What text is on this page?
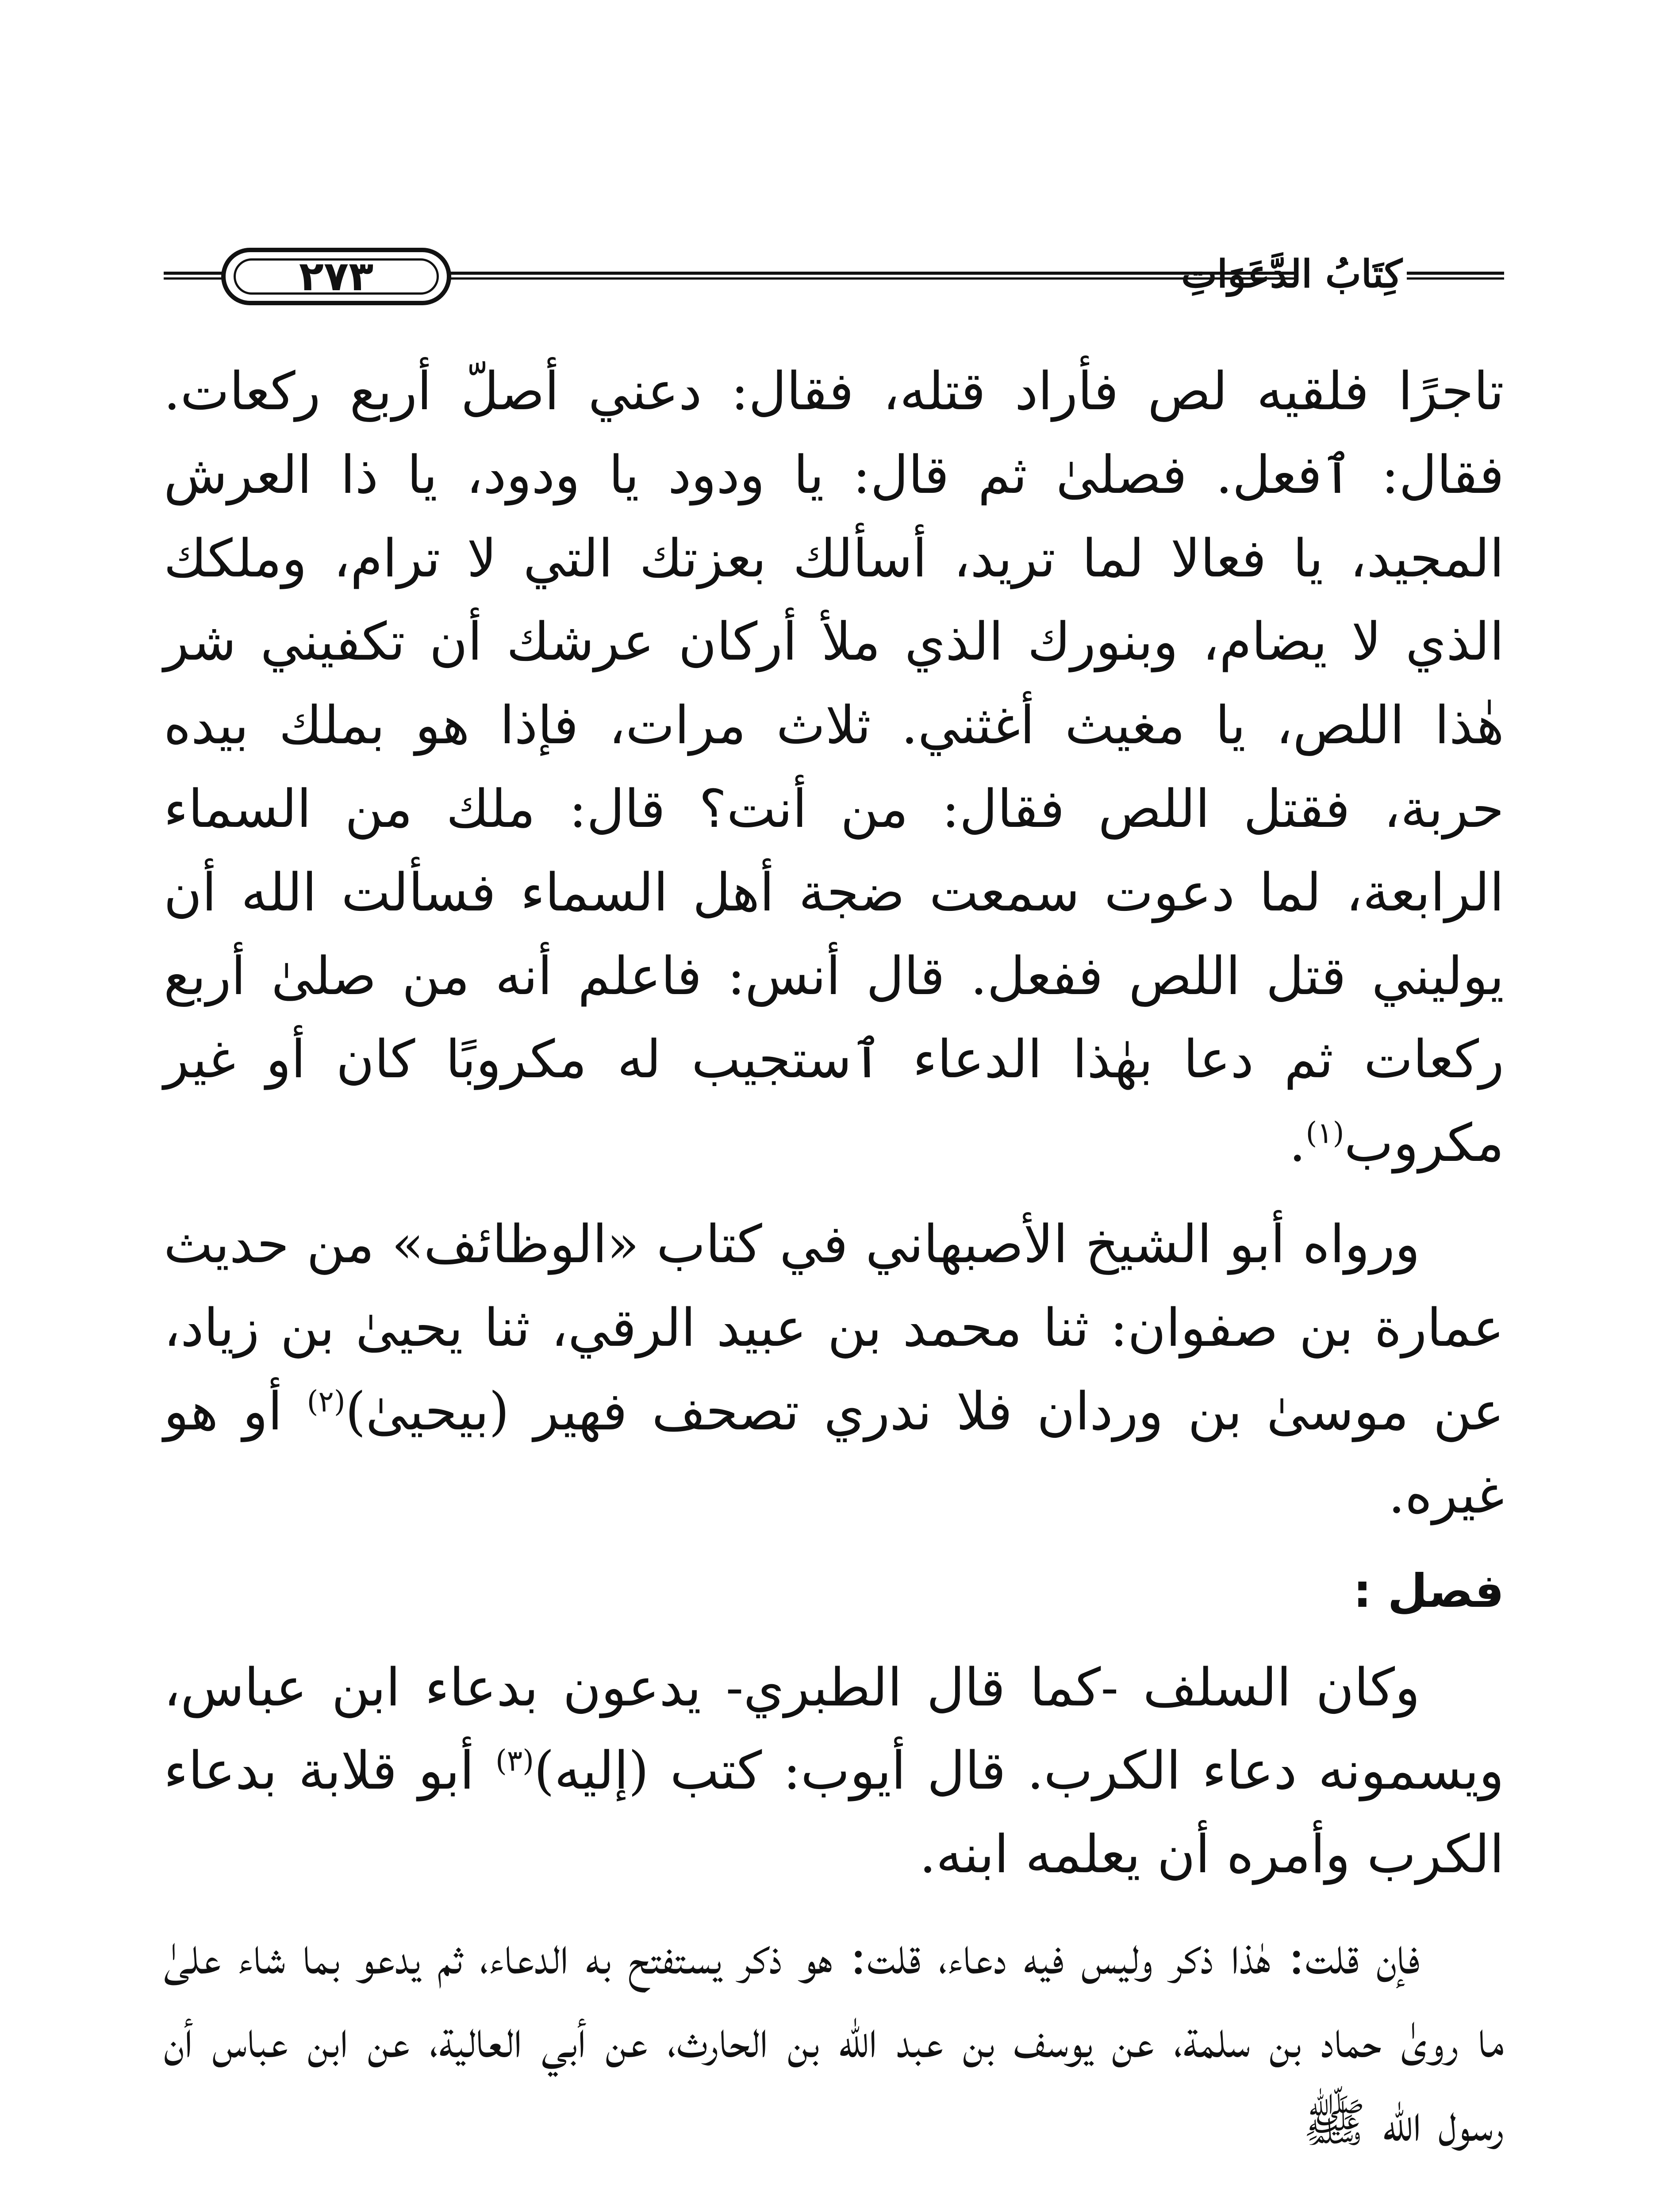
٢٧٣	كِتَابُ الدَّعَوَاتِ

تاجرًا فلقيه لص فأراد قتله، فقال: دعني أصلّ أربع ركعات. فقال: ٱفعل. فصلىٰ ثم قال: يا ودود يا ودود، يا ذا العرش المجيد، يا فعالا لما تريد، أسألك بعزتك التي لا ترام، وملكك الذي لا يضام، وبنورك الذي ملأ أركان عرشك أن تكفيني شر هٰذا اللص، يا مغيث أغثني. ثلاث مرات، فإذا هو بملك بيده حربة، فقتل اللص فقال: من أنت؟ قال: ملك من السماء الرابعة، لما دعوت سمعت ضجة أهل السماء فسألت الله أن يوليني قتل اللص ففعل. قال أنس: فاعلم أنه من صلىٰ أربع ركعات ثم دعا بهٰذا الدعاء ٱستجيب له مكروبًا كان أو غير مكروب$^{(١)}$.

ورواه أبو الشيخ الأصبهاني في كتاب «الوظائف» من حديث عمارة بن صفوان: ثنا محمد بن عبيد الرقي، ثنا يحيىٰ بن زياد، عن موسىٰ بن وردان فلا ندري تصحف فهير (بيحيىٰ)$^{(٢)}$ أو هو غيره.

فصل :

وكان السلف -كما قال الطبري- يدعون بدعاء ابن عباس، ويسمونه دعاء الكرب. قال أيوب: كتب (إليه)$^{(٣)}$ أبو قلابة بدعاء الكرب وأمره أن يعلمه ابنه.

فإن قلت: هٰذا ذكر وليس فيه دعاء، قلت: هو ذكر يستفتح به الدعاء، ثم يدعو بما شاء علىٰ ما روىٰ حماد بن سلمة، عن يوسف بن عبد الله بن الحارث، عن أبي العالية، عن ابن عباس أن رسول الله ﷺ
